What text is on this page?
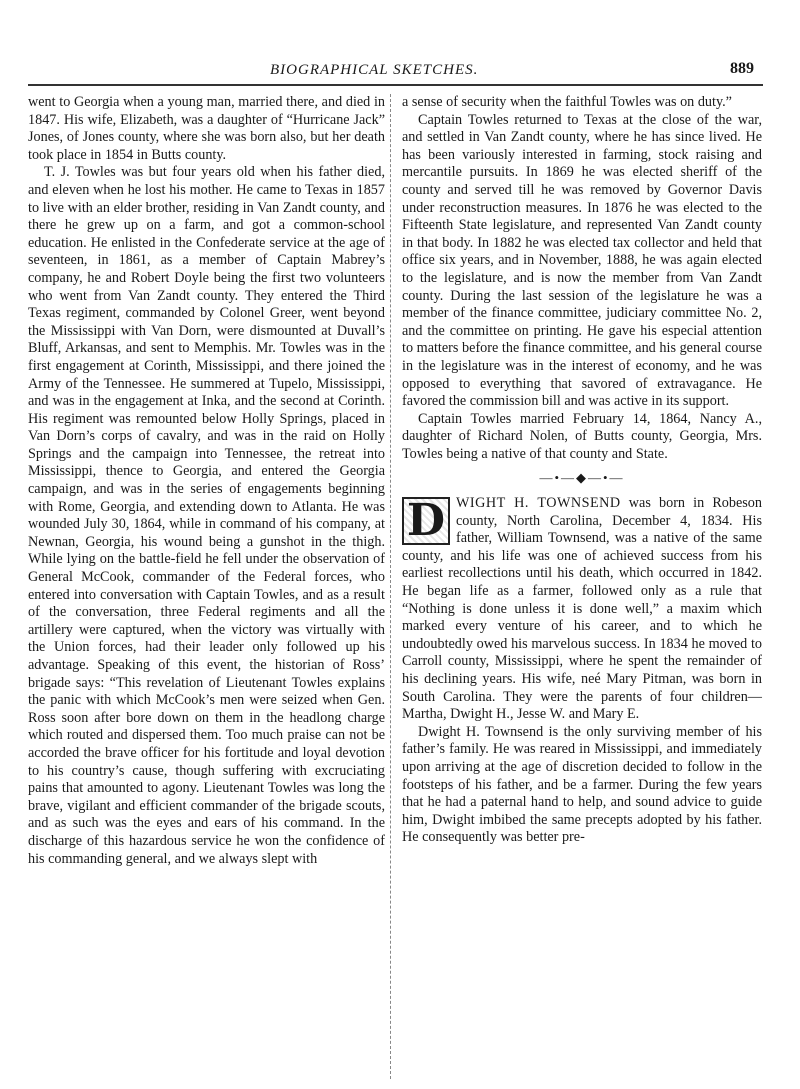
BIOGRAPHICAL SKETCHES.	889

went to Georgia when a young man, married there, and died in 1847. His wife, Elizabeth, was a daughter of “Hurricane Jack” Jones, of Jones county, where she was born also, but her death took place in 1854 in Butts county.

T. J. Towles was but four years old when his father died, and eleven when he lost his mother. He came to Texas in 1857 to live with an elder brother, residing in Van Zandt county, and there he grew up on a farm, and got a common-school education. He enlisted in the Confederate service at the age of seventeen, in 1861, as a member of Captain Mabrey’s company, he and Robert Doyle being the first two volunteers who went from Van Zandt county. They entered the Third Texas regiment, commanded by Colonel Greer, went beyond the Mississippi with Van Dorn, were dismounted at Duvall’s Bluff, Arkansas, and sent to Memphis. Mr. Towles was in the first engagement at Corinth, Mississippi, and there joined the Army of the Tennessee. He summered at Tupelo, Mississippi, and was in the engagement at Inka, and the second at Corinth. His regiment was remounted below Holly Springs, placed in Van Dorn’s corps of cavalry, and was in the raid on Holly Springs and the campaign into Tennessee, the retreat into Mississippi, thence to Georgia, and entered the Georgia campaign, and was in the series of engagements beginning with Rome, Georgia, and extending down to Atlanta. He was wounded July 30, 1864, while in command of his company, at Newnan, Georgia, his wound being a gunshot in the thigh. While lying on the battle-field he fell under the observation of General McCook, commander of the Federal forces, who entered into conversation with Captain Towles, and as a result of the conversation, three Federal regiments and all the artillery were captured, when the victory was virtually with the Union forces, had their leader only followed up his advantage. Speaking of this event, the historian of Ross’ brigade says: “This revelation of Lieutenant Towles explains the panic with which McCook’s men were seized when Gen. Ross soon after bore down on them in the headlong charge which routed and dispersed them. Too much praise can not be accorded the brave officer for his fortitude and loyal devotion to his country’s cause, though suffering with excruciating pains that amounted to agony. Lieutenant Towles was long the brave, vigilant and efficient commander of the brigade scouts, and as such was the eyes and ears of his command. In the discharge of this hazardous service he won the confidence of his commanding general, and we always slept with

a sense of security when the faithful Towles was on duty.”

Captain Towles returned to Texas at the close of the war, and settled in Van Zandt county, where he has since lived. He has been variously interested in farming, stock raising and mercantile pursuits. In 1869 he was elected sheriff of the county and served till he was removed by Governor Davis under reconstruction measures. In 1876 he was elected to the Fifteenth State legislature, and represented Van Zandt county in that body. In 1882 he was elected tax collector and held that office six years, and in November, 1888, he was again elected to the legislature, and is now the member from Van Zandt county. During the last session of the legislature he was a member of the finance committee, judiciary committee No. 2, and the committee on printing. He gave his especial attention to matters before the finance committee, and his general course in the legislature was in the interest of economy, and he was opposed to everything that savored of extravagance. He favored the commission bill and was active in its support.

Captain Towles married February 14, 1864, Nancy A., daughter of Richard Nolen, of Butts county, Georgia, Mrs. Towles being a native of that county and State.

—•—◆—•—

D WIGHT H. TOWNSEND was born in Robeson county, North Carolina, December 4, 1834. His father, William Townsend, was a native of the same county, and his life was one of achieved success from his earliest recollections until his death, which occurred in 1842. He began life as a farmer, followed only as a rule that “Nothing is done unless it is done well,” a maxim which marked every venture of his career, and to which he undoubtedly owed his marvelous success. In 1834 he moved to Carroll county, Mississippi, where he spent the remainder of his declining years. His wife, neé Mary Pitman, was born in South Carolina. They were the parents of four children—Martha, Dwight H., Jesse W. and Mary E.

Dwight H. Townsend is the only surviving member of his father’s family. He was reared in Mississippi, and immediately upon arriving at the age of discretion decided to follow in the footsteps of his father, and be a farmer. During the few years that he had a paternal hand to help, and sound advice to guide him, Dwight imbibed the same precepts adopted by his father. He consequently was better pre-
